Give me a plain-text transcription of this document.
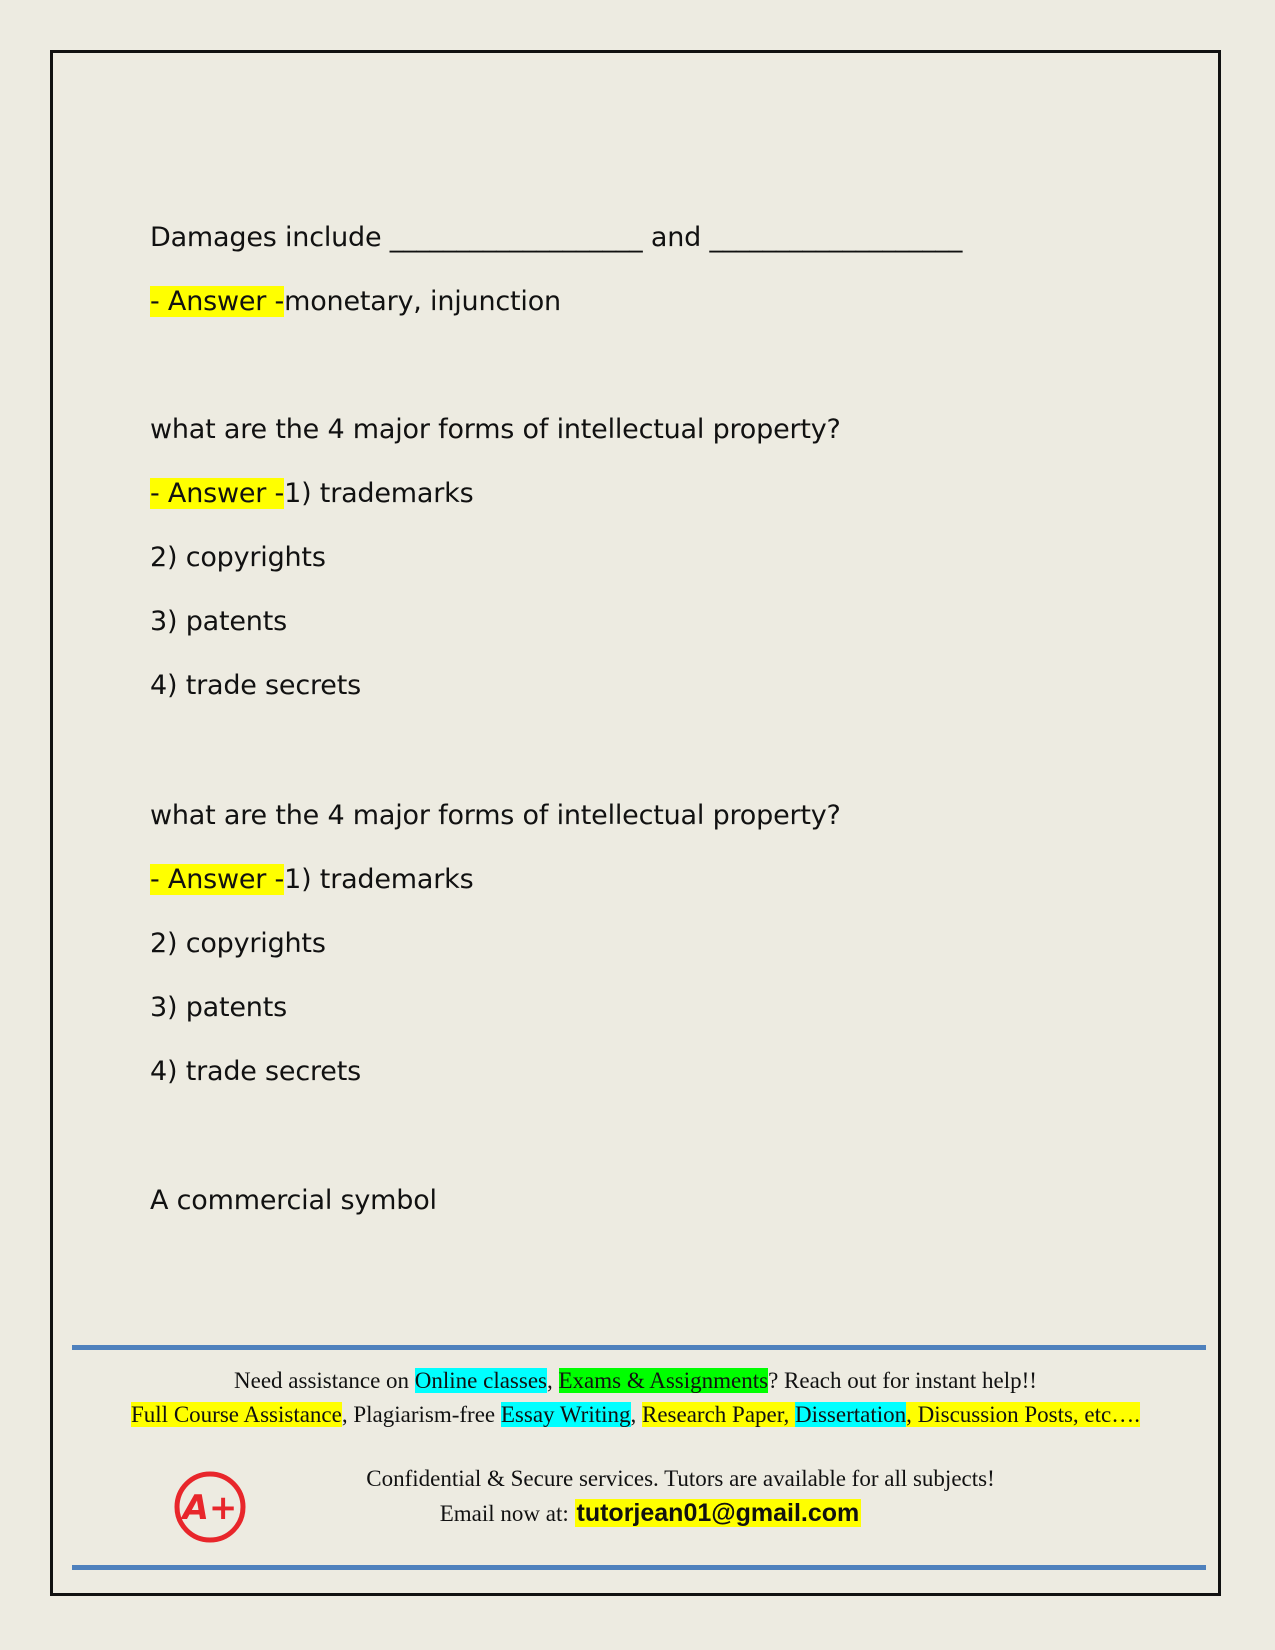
Damages include ___________________ and ___________________
- Answer -monetary, injunction
what are the 4 major forms of intellectual property?
- Answer -1) trademarks
2) copyrights
3) patents
4) trade secrets
what are the 4 major forms of intellectual property?
- Answer -1) trademarks
2) copyrights
3) patents
4) trade secrets
A commercial symbol
Need assistance on Online classes, Exams & Assignments? Reach out for instant help!!
Full Course Assistance, Plagiarism-free Essay Writing, Research Paper, Dissertation, Discussion Posts, etc….
A+
Confidential & Secure services. Tutors are available for all subjects!
Email now at: tutorjean01@gmail.com
